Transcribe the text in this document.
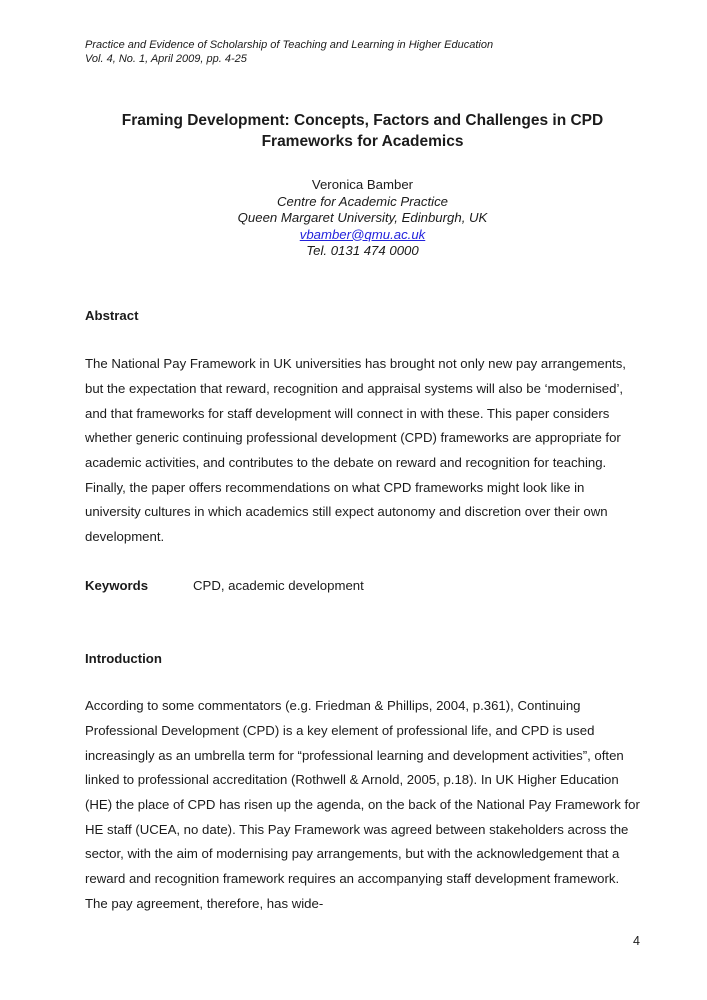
Practice and Evidence of Scholarship of Teaching and Learning in Higher Education
Vol. 4, No. 1, April 2009, pp. 4-25
Framing Development: Concepts, Factors and Challenges in CPD
Frameworks for Academics
Veronica Bamber
Centre for Academic Practice
Queen Margaret University, Edinburgh, UK
vbamber@qmu.ac.uk
Tel. 0131 474 0000
Abstract

The National Pay Framework in UK universities has brought not only new pay arrangements, but the expectation that reward, recognition and appraisal systems will also be ‘modernised’, and that frameworks for staff development will connect in with these. This paper considers whether generic continuing professional development (CPD) frameworks are appropriate for academic activities, and contributes to the debate on reward and recognition for teaching. Finally, the paper offers recommendations on what CPD frameworks might look like in university cultures in which academics still expect autonomy and discretion over their own development.

Keywords	CPD, academic development
Introduction

According to some commentators (e.g. Friedman & Phillips, 2004, p.361), Continuing Professional Development (CPD) is a key element of professional life, and CPD is used increasingly as an umbrella term for “professional learning and development activities”, often linked to professional accreditation (Rothwell & Arnold, 2005, p.18). In UK Higher Education (HE) the place of CPD has risen up the agenda, on the back of the National Pay Framework for HE staff (UCEA, no date). This Pay Framework was agreed between stakeholders across the sector, with the aim of modernising pay arrangements, but with the acknowledgement that a reward and recognition framework requires an accompanying staff development framework. The pay agreement, therefore, has wide-

4
